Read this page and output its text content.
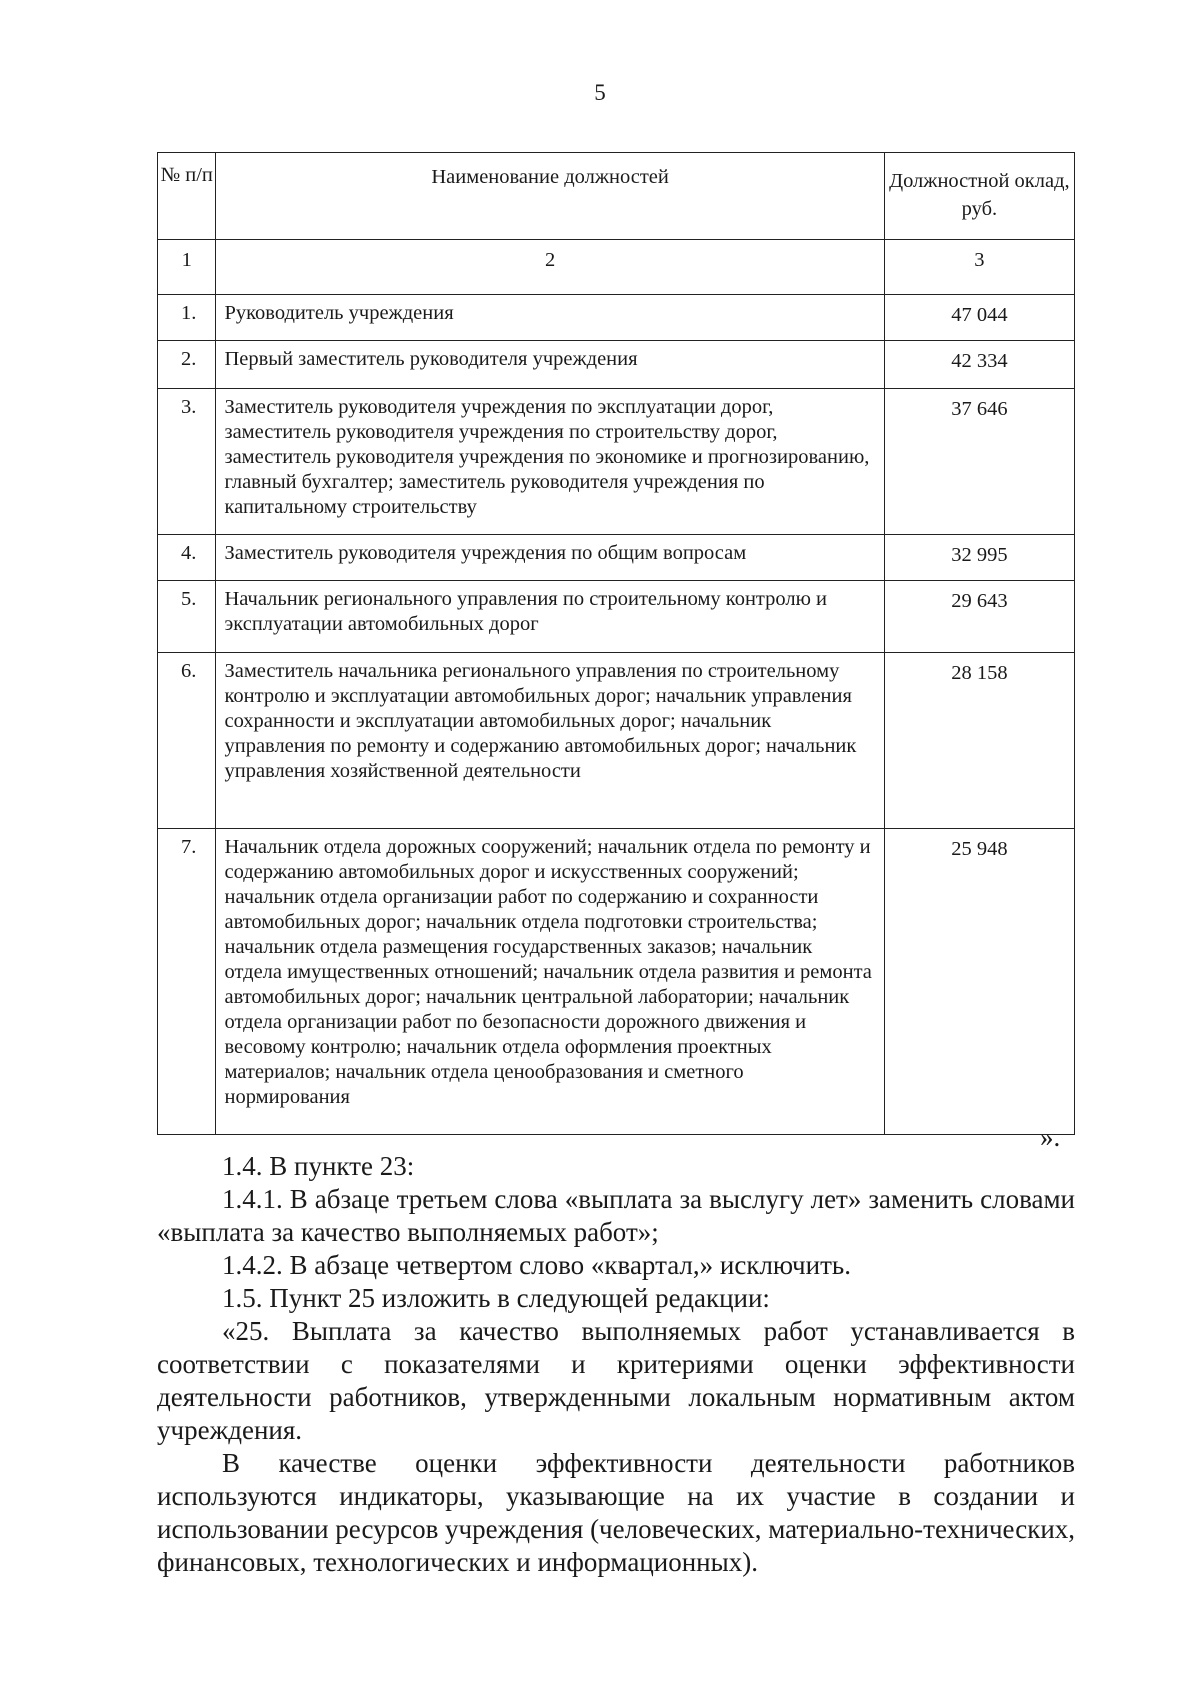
5
№ п/п	Наименование должностей	Должностной оклад, руб.
1	2	3
1.	Руководитель учреждения	47 044
2.	Первый заместитель руководителя учреждения	42 334
3.	Заместитель руководителя учреждения по эксплуатации дорог, заместитель руководителя учреждения по строительству дорог, заместитель руководителя учреждения по экономике и прогнозированию, главный бухгалтер; заместитель руководителя учреждения по капитальному строительству	37 646
4.	Заместитель руководителя учреждения по общим вопросам	32 995
5.	Начальник регионального управления по строительному контролю и эксплуатации автомобильных дорог	29 643
6.	Заместитель начальника регионального управления по строительному контролю и эксплуатации автомобильных дорог; начальник управления сохранности и эксплуатации автомобильных дорог; начальник управления по ремонту и содержанию автомобильных дорог; начальник управления хозяйственной деятельности	28 158
7.	Начальник отдела дорожных сооружений; начальник отдела по ремонту и содержанию автомобильных дорог и искусственных сооружений; начальник отдела организации работ по содержанию и сохранности автомобильных дорог; начальник отдела подготовки строительства; начальник отдела размещения государственных заказов; начальник отдела имущественных отношений; начальник отдела развития и ремонта автомобильных дорог; начальник центральной лаборатории; начальник отдела организации работ по безопасности дорожного движения и весовому контролю; начальник отдела оформления проектных материалов; начальник отдела ценообразования и сметного нормирования	25 948
».

1.4. В пункте 23:

1.4.1. В абзаце третьем слова «выплата за выслугу лет» заменить словами «выплата за качество выполняемых работ»;

1.4.2. В абзаце четвертом слово «квартал,» исключить.

1.5. Пункт 25 изложить в следующей редакции:

«25. Выплата за качество выполняемых работ устанавливается в соответствии с показателями и критериями оценки эффективности деятельности работников, утвержденными локальным нормативным актом учреждения.

В качестве оценки эффективности деятельности работников используются индикаторы, указывающие на их участие в создании и использовании ресурсов учреждения (человеческих, материально-технических, финансовых, технологических и информационных).
